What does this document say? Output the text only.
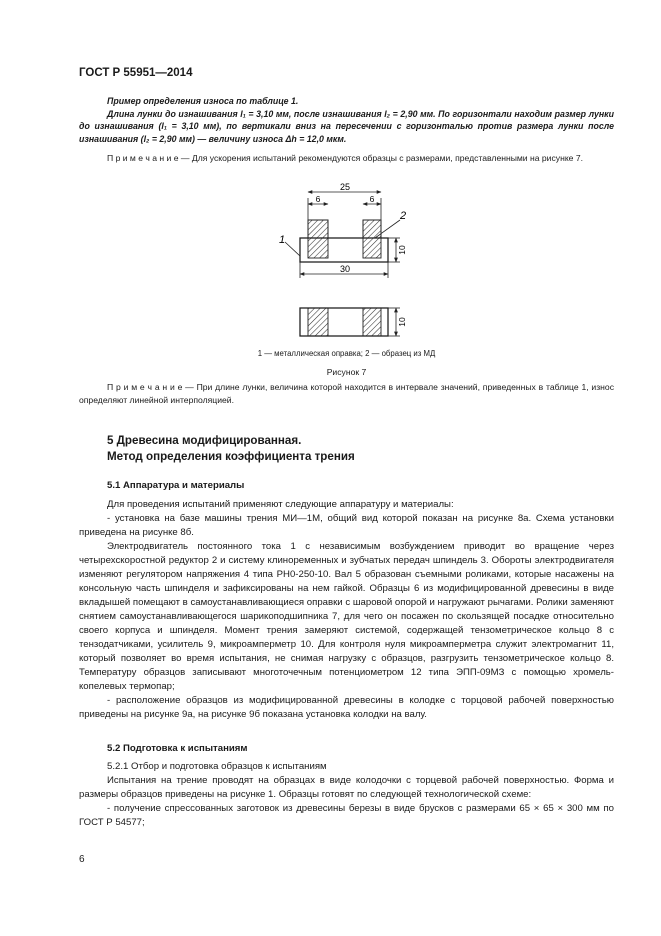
ГОСТ Р 55951—2014

Пример определения износа по таблице 1.

Длина лунки до изнашивания l₁ = 3,10 мм, после изнашивания l₂ = 2,90 мм. По горизонтали находим размер лунки до изнашивания (l₁ = 3,10 мм), по вертикали вниз на пересечении с горизонталью против размера лунки после изнашивания (l₂ = 2,90 мм) — величину износа Δh = 12,0 мкм.

П р и м е ч а н и е — Для ускорения испытаний рекомендуются образцы с размерами, представленными на рисунке 7.
25
6	6
10
30
1
2
10
1 — металлическая оправка; 2 — образец из МД
Рисунок 7
П р и м е ч а н и е — При длине лунки, величина которой находится в интервале значений, приведенных в таблице 1, износ определяют линейной интерполяцией.
5 Древесина модифицированная.
Метод определения коэффициента трения
5.1 Аппаратура и материалы

Для проведения испытаний применяют следующие аппаратуру и материалы:

- установка на базе машины трения МИ—1М, общий вид которой показан на рисунке 8а. Схема установки приведена на рисунке 8б.

Электродвигатель постоянного тока 1 с независимым возбуждением приводит во вращение через четырехскоростной редуктор 2 и систему клиноременных и зубчатых передач шпиндель 3. Обороты электродвигателя изменяют регулятором напряжения 4 типа РН0-250-10. Вал 5 образован съемными роликами, которые насажены на консольную часть шпинделя и зафиксированы на нем гайкой. Образцы 6 из модифицированной древесины в виде вкладышей помещают в самоустанавливающиеся оправки с шаровой опорой и нагружают рычагами. Ролики заменяют снятием самоустанавливающегося шарикоподшипника 7, для чего он посажен по скользящей посадке относительно своего корпуса и шпинделя. Момент трения замеряют системой, содержащей тензометрическое кольцо 8 с тензодатчиками, усилитель 9, микроамперметр 10. Для контроля нуля микроамперметра служит электромагнит 11, который позволяет во время испытания, не снимая нагрузку с образцов, разгрузить тензометрическое кольцо 8. Температуру образцов записывают многоточечным потенциометром 12 типа ЭПП-09МЗ с помощью хромель-копелевых термопар;

- расположение образцов из модифицированной древесины в колодке с торцовой рабочей поверхностью приведены на рисунке 9а, на рисунке 9б показана установка колодки на валу.

5.2 Подготовка к испытаниям

5.2.1 Отбор и подготовка образцов к испытаниям

Испытания на трение проводят на образцах в виде колодочки с торцевой рабочей поверхностью. Форма и размеры образцов приведены на рисунке 1. Образцы готовят по следующей технологической схеме:

- получение спрессованных заготовок из древесины березы в виде брусков с размерами 65 × 65 × 300 мм по ГОСТ Р 54577;

6
